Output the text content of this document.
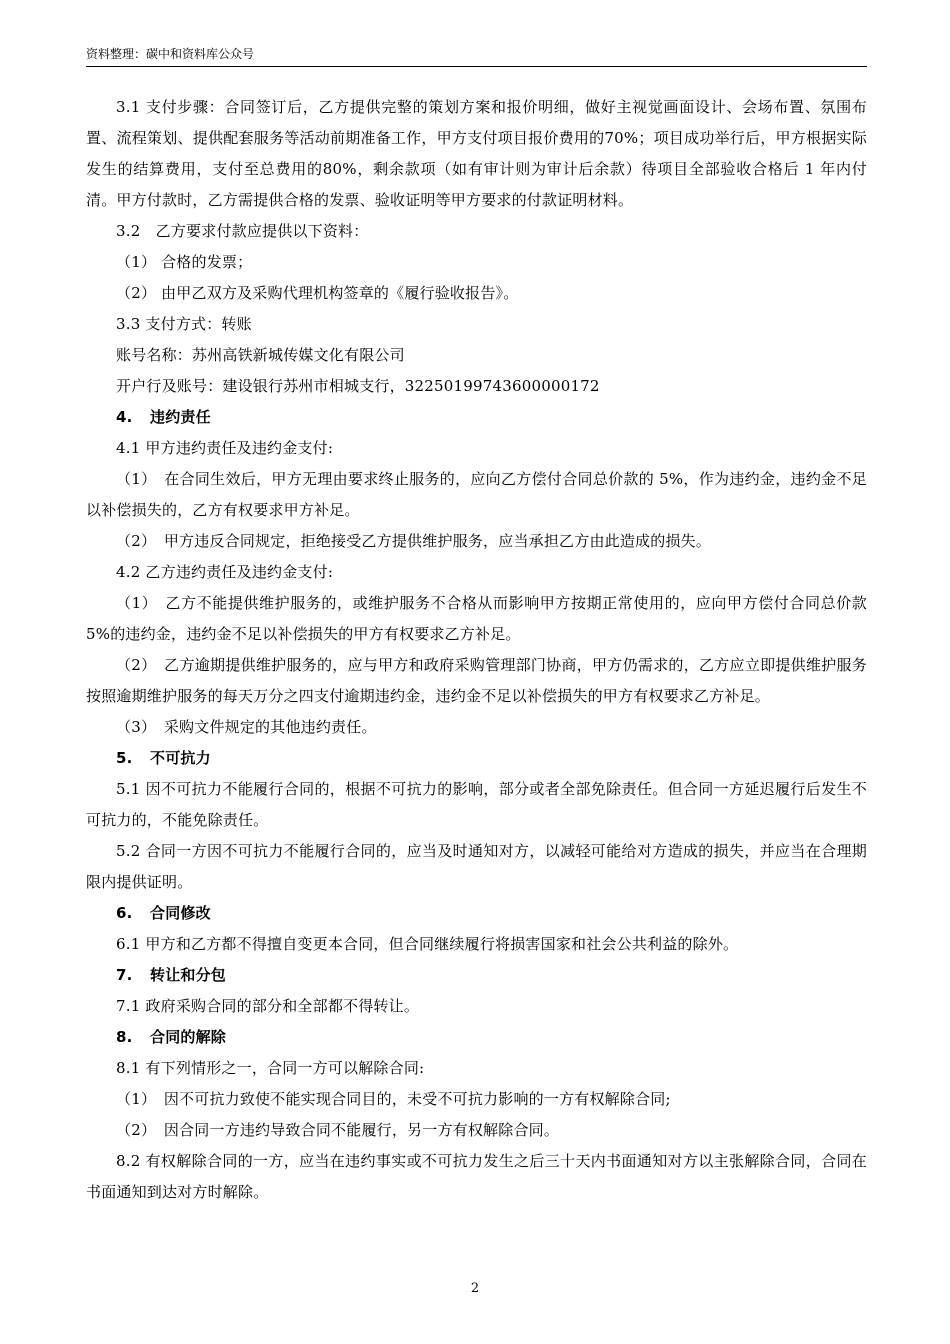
资料整理：碳中和资料库公众号

3.1 支付步骤：合同签订后，乙方提供完整的策划方案和报价明细，做好主视觉画面设计、会场布置、氛围布置、流程策划、提供配套服务等活动前期准备工作，甲方支付项目报价费用的70%；项目成功举行后，甲方根据实际发生的结算费用，支付至总费用的80%，剩余款项（如有审计则为审计后余款）待项目全部验收合格后 1 年内付清。甲方付款时，乙方需提供合格的发票、验收证明等甲方要求的付款证明材料。

3.2　乙方要求付款应提供以下资料：

（1） 合格的发票；

（2） 由甲乙双方及采购代理机构签章的《履行验收报告》。

3.3 支付方式：转账

账号名称：苏州高铁新城传媒文化有限公司

开户行及账号：建设银行苏州市相城支行，32250199743600000172

4. 违约责任

4.1 甲方违约责任及违约金支付:

（1）　在合同生效后，甲方无理由要求终止服务的，应向乙方偿付合同总价款的 5%，作为违约金，违约金不足以补偿损失的，乙方有权要求甲方补足。

（2）　甲方违反合同规定，拒绝接受乙方提供维护服务，应当承担乙方由此造成的损失。

4.2 乙方违约责任及违约金支付:

（1）　乙方不能提供维护服务的，或维护服务不合格从而影响甲方按期正常使用的，应向甲方偿付合同总价款 5%的违约金，违约金不足以补偿损失的甲方有权要求乙方补足。

（2）　乙方逾期提供维护服务的，应与甲方和政府采购管理部门协商，甲方仍需求的，乙方应立即提供维护服务按照逾期维护服务的每天万分之四支付逾期违约金，违约金不足以补偿损失的甲方有权要求乙方补足。

（3）　采购文件规定的其他违约责任。

5. 不可抗力

5.1 因不可抗力不能履行合同的，根据不可抗力的影响，部分或者全部免除责任。但合同一方延迟履行后发生不可抗力的，不能免除责任。

5.2 合同一方因不可抗力不能履行合同的，应当及时通知对方，以减轻可能给对方造成的损失，并应当在合理期限内提供证明。

6. 合同修改

6.1 甲方和乙方都不得擅自变更本合同，但合同继续履行将损害国家和社会公共利益的除外。

7. 转让和分包

7.1 政府采购合同的部分和全部都不得转让。

8. 合同的解除

8.1 有下列情形之一，合同一方可以解除合同:

（1）　因不可抗力致使不能实现合同目的，未受不可抗力影响的一方有权解除合同;

（2）　因合同一方违约导致合同不能履行，另一方有权解除合同。

8.2 有权解除合同的一方，应当在违约事实或不可抗力发生之后三十天内书面通知对方以主张解除合同，合同在书面通知到达对方时解除。

2
